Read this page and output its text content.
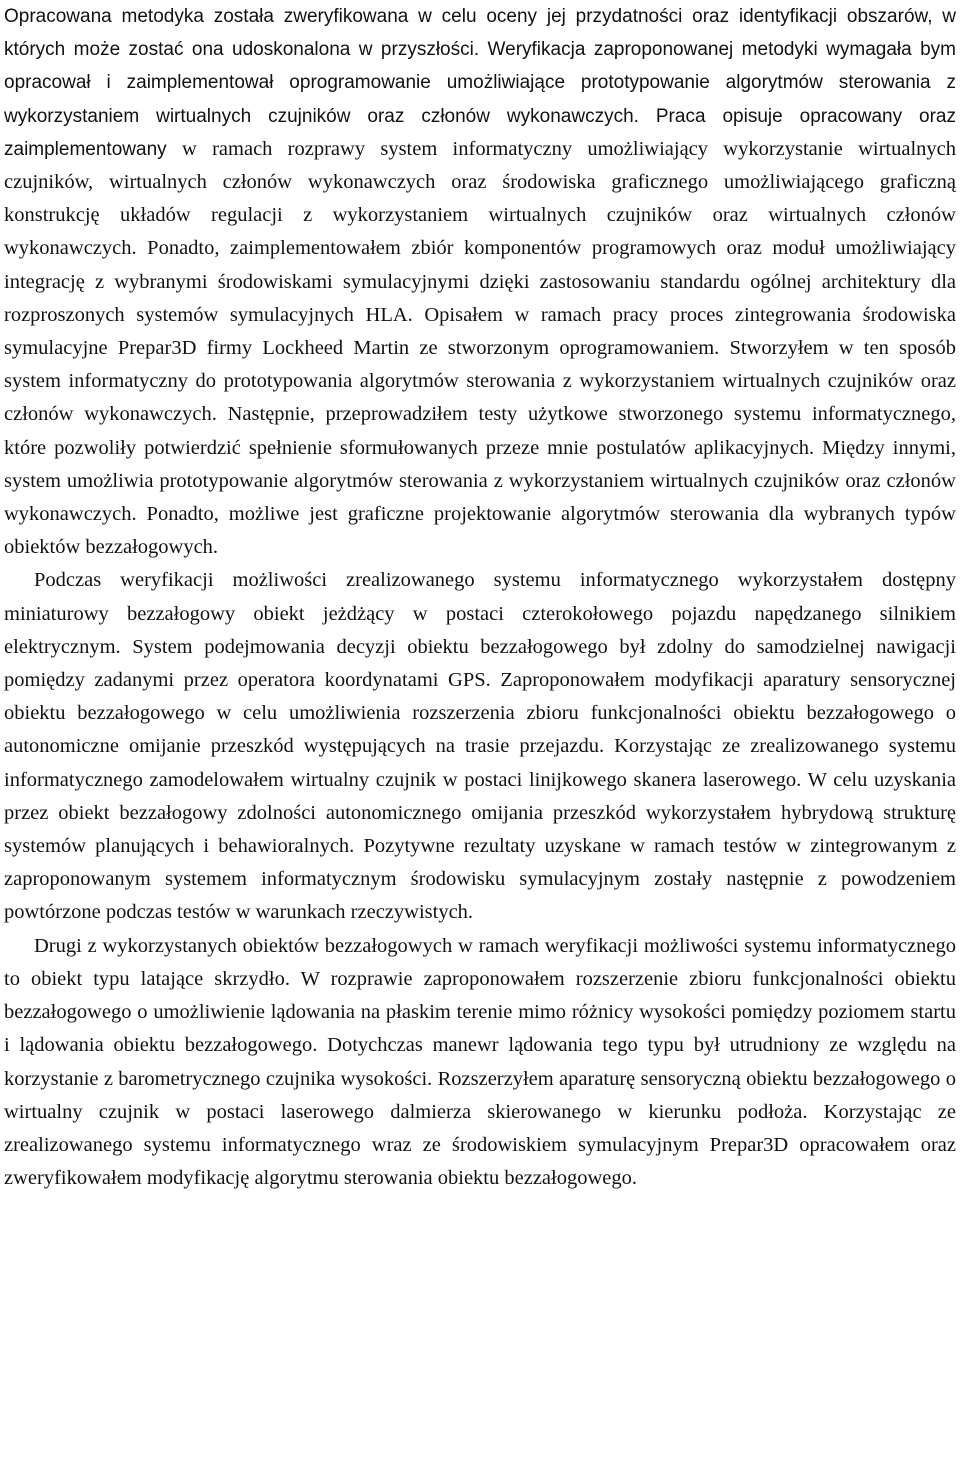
Opracowana metodyka została zweryfikowana w celu oceny jej przydatności oraz identyfikacji obszarów, w których może zostać ona udoskonalona w przyszłości. Weryfikacja zaproponowanej metodyki wymagała bym opracował i zaimplementował oprogramowanie umożliwiające prototypowanie algorytmów sterowania z wykorzystaniem wirtualnych czujników oraz członów wykonawczych. Praca opisuje opracowany oraz zaimplementowany w ramach rozprawy system informatyczny umożliwiający wykorzystanie wirtualnych czujników, wirtualnych członów wykonawczych oraz środowiska graficznego umożliwiającego graficzną konstrukcję układów regulacji z wykorzystaniem wirtualnych czujników oraz wirtualnych członów wykonawczych. Ponadto, zaimplementowałem zbiór komponentów programowych oraz moduł umożliwiający integrację z wybranymi środowiskami symulacyjnymi dzięki zastosowaniu standardu ogólnej architektury dla rozproszonych systemów symulacyjnych HLA. Opisałem w ramach pracy proces zintegrowania środowiska symulacyjne Prepar3D firmy Lockheed Martin ze stworzonym oprogramowaniem. Stworzyłem w ten sposób system informatyczny do prototypowania algorytmów sterowania z wykorzystaniem wirtualnych czujników oraz członów wykonawczych. Następnie, przeprowadziłem testy użytkowe stworzonego systemu informatycznego, które pozwoliły potwierdzić spełnienie sformułowanych przeze mnie postulatów aplikacyjnych. Między innymi, system umożliwia prototypowanie algorytmów sterowania z wykorzystaniem wirtualnych czujników oraz członów wykonawczych. Ponadto, możliwe jest graficzne projektowanie algorytmów sterowania dla wybranych typów obiektów bezzałogowych.

Podczas weryfikacji możliwości zrealizowanego systemu informatycznego wykorzystałem dostępny miniaturowy bezzałogowy obiekt jeżdżący w postaci czterokołowego pojazdu napędzanego silnikiem elektrycznym. System podejmowania decyzji obiektu bezzałogowego był zdolny do samodzielnej nawigacji pomiędzy zadanymi przez operatora koordynatami GPS. Zaproponowałem modyfikacji aparatury sensorycznej obiektu bezzałogowego w celu umożliwienia rozszerzenia zbioru funkcjonalności obiektu bezzałogowego o autonomiczne omijanie przeszkód występujących na trasie przejazdu. Korzystając ze zrealizowanego systemu informatycznego zamodelowałem wirtualny czujnik w postaci linijkowego skanera laserowego. W celu uzyskania przez obiekt bezzałogowy zdolności autonomicznego omijania przeszkód wykorzystałem hybrydową strukturę systemów planujących i behawioralnych. Pozytywne rezultaty uzyskane w ramach testów w zintegrowanym z zaproponowanym systemem informatycznym środowisku symulacyjnym zostały następnie z powodzeniem powtórzone podczas testów w warunkach rzeczywistych.

Drugi z wykorzystanych obiektów bezzałogowych w ramach weryfikacji możliwości systemu informatycznego to obiekt typu latające skrzydło. W rozprawie zaproponowałem rozszerzenie zbioru funkcjonalności obiektu bezzałogowego o umożliwienie lądowania na płaskim terenie mimo różnicy wysokości pomiędzy poziomem startu i lądowania obiektu bezzałogowego. Dotychczas manewr lądowania tego typu był utrudniony ze względu na korzystanie z barometrycznego czujnika wysokości. Rozszerzyłem aparaturę sensoryczną obiektu bezzałogowego o wirtualny czujnik w postaci laserowego dalmierza skierowanego w kierunku podłoża. Korzystając ze zrealizowanego systemu informatycznego wraz ze środowiskiem symulacyjnym Prepar3D opracowałem oraz zweryfikowałem modyfikację algorytmu sterowania obiektu bezzałogowego.
